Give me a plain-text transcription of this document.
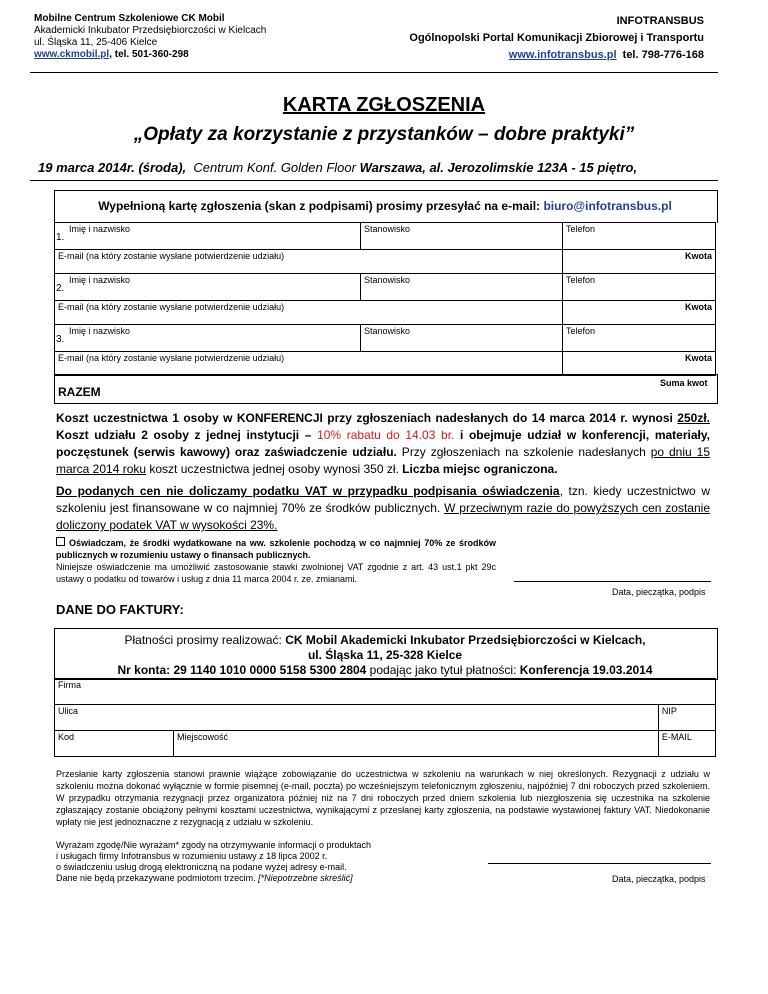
Mobilne Centrum Szkoleniowe CK Mobil
Akademicki Inkubator Przedsiębiorczości w Kielcach
ul. Śląska 11, 25-406 Kielce
www.ckmobil.pl, tel. 501-360-298
INFOTRANSBUS
Ogólnopolski Portal Komunikacji Zbiorowej i Transportu
www.infotransbus.pl tel. 798-776-168
KARTA ZGŁOSZENIA
„Opłaty za korzystanie z przystanków – dobre praktyki”
19 marca 2014r. (środa), Centrum Konf. Golden Floor Warszawa, al. Jerozolimskie 123A - 15 piętro,
Wypełnioną kartę zgłoszenia (skan z podpisami) prosimy przesyłać na e-mail: biuro@infotransbus.pl
1.
Imię i nazwisko	Stanowisko	Telefon
E-mail (na który zostanie wysłane potwierdzenie udziału)		Kwota
2.
Imię i nazwisko	Stanowisko	Telefon
E-mail (na który zostanie wysłane potwierdzenie udziału)		Kwota
3.
Imię i nazwisko	Stanowisko	Telefon
E-mail (na który zostanie wysłane potwierdzenie udziału)		Kwota
RAZEM
Suma kwot
Koszt uczestnictwa 1 osoby w KONFERENCJI przy zgłoszeniach nadesłanych do 14 marca 2014 r. wynosi 250zł. Koszt udziału 2 osoby z jednej instytucji – 10% rabatu do 14.03 br. i obejmuje udział w konferencji, materiały, poczęstunek (serwis kawowy) oraz zaświadczenie udziału. Przy zgłoszeniach na szkolenie nadesłanych po dniu 15 marca 2014 roku koszt uczestnictwa jednej osoby wynosi 350 zł. Liczba miejsc ograniczona.
Do podanych cen nie doliczamy podatku VAT w przypadku podpisania oświadczenia, tzn. kiedy uczestnictwo w szkoleniu jest finansowane w co najmniej 70% ze środków publicznych. W przeciwnym razie do powyższych cen zostanie doliczony podatek VAT w wysokości 23%.
Oświadczam, że środki wydatkowane na ww. szkolenie pochodzą w co najmniej 70% ze środków publicznych w rozumieniu ustawy o finansach publicznych.
Niniejsze oświadczenie ma umożliwić zastosowanie stawki zwolnionej VAT zgodnie z art. 43 ust.1 pkt 29c ustawy o podatku od towarów i usług z dnia 11 marca 2004 r. ze. zmianami.
Data, pieczątka, podpis
DANE DO FAKTURY:
Płatności prosimy realizować: CK Mobil Akademicki Inkubator Przedsiębiorczości w Kielcach,
ul. Śląska 11, 25-328 Kielce
Nr konta: 29 1140 1010 0000 5158 5300 2804 podając jako tytuł płatności: Konferencja 19.03.2014
Firma		
Ulica		NIP
Kod	Miejscowość	E-MAIL
Przesłanie karty zgłoszenia stanowi prawnie wiążące zobowiązanie do uczestnictwa w szkoleniu na warunkach w niej określonych. Rezygnacji z udziału w szkoleniu można dokonać wyłącznie w formie pisemnej (e-mail, poczta) po wcześniejszym telefonicznym zgłoszeniu, najpóźniej 7 dni roboczych przed szkoleniem. W przypadku otrzymania rezygnacji przez organizatora później niż na 7 dni roboczych przed dniem szkolenia lub niezgłoszenia się uczestnika na szkolenie zgłaszający zostanie obciążony pełnymi kosztami uczestnictwa, wynikającymi z przesłanej karty zgłoszenia, na podstawie wystawionej faktury VAT. Niedokonanie wpłaty nie jest jednoznaczne z rezygnacją z udziału w szkoleniu.
Wyrażam zgodę/Nie wyrażam* zgody na otrzymywanie informacji o produktach
i usługach firmy Infotransbus w rozumieniu ustawy z 18 lipca 2002 r.
o świadczeniu usług drogą elektroniczną na podane wyżej adresy e-mail.
Dane nie będą przekazywane podmiotom trzecim. [*Niepotrzebne skreślić]	Data, pieczątka, podpis
